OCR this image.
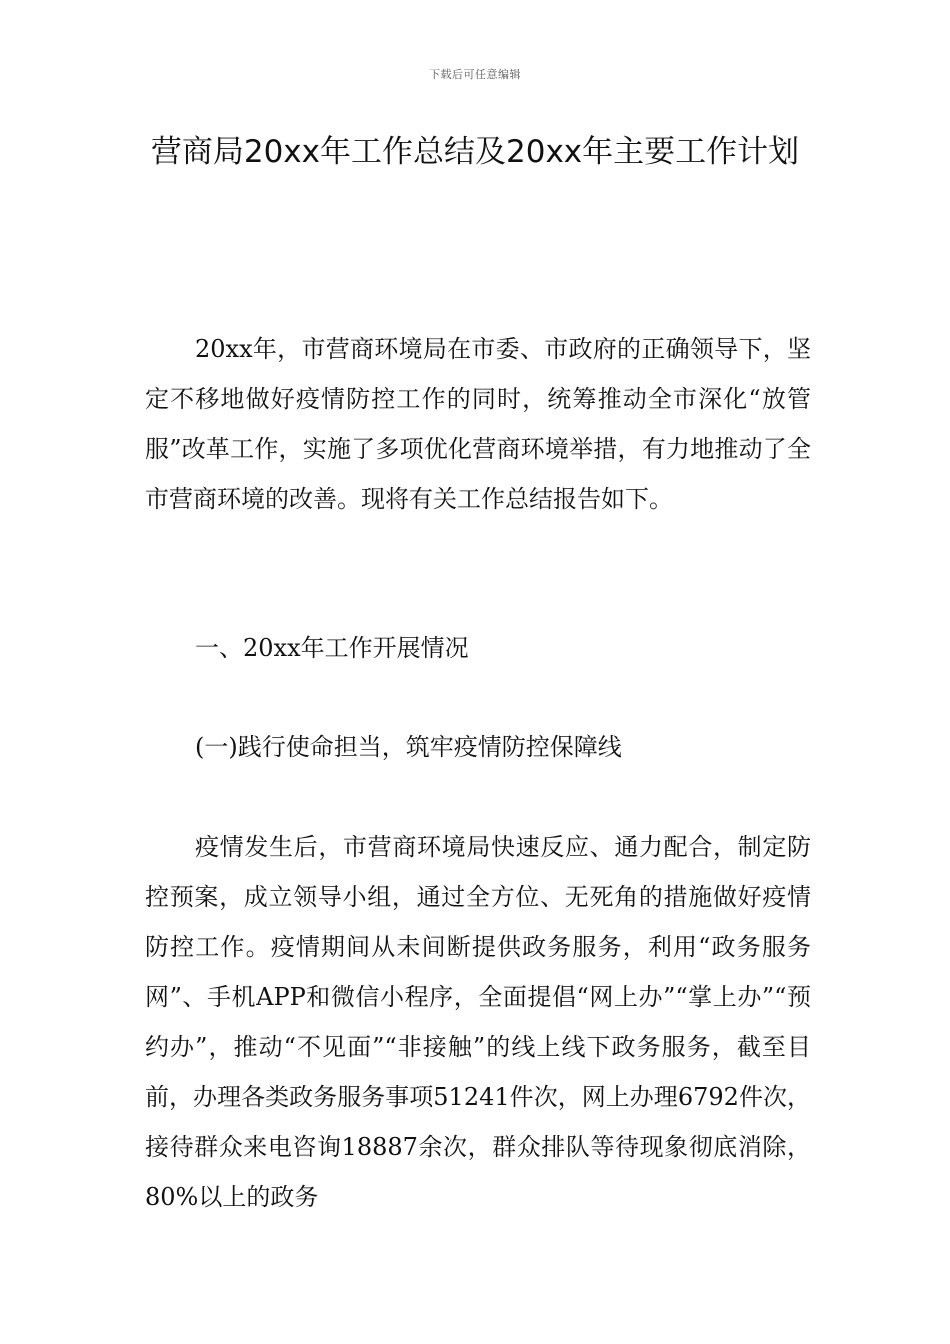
下载后可任意编辑
营商局20xx年工作总结及20xx年主要工作计划

20xx年，市营商环境局在市委、市政府的正确领导下，坚定不移地做好疫情防控工作的同时，统筹推动全市深化“放管服”改革工作，实施了多项优化营商环境举措，有力地推动了全市营商环境的改善。现将有关工作总结报告如下。

一、20xx年工作开展情况

(一)践行使命担当，筑牢疫情防控保障线

疫情发生后，市营商环境局快速反应、通力配合，制定防控预案，成立领导小组，通过全方位、无死角的措施做好疫情防控工作。疫情期间从未间断提供政务服务，利用“政务服务网”、手机APP和微信小程序，全面提倡“网上办”“掌上办”“预约办”，推动“不见面”“非接触”的线上线下政务服务，截至目前，办理各类政务服务事项51241件次，网上办理6792件次，接待群众来电咨询18887余次，群众排队等待现象彻底消除，80%以上的政务
